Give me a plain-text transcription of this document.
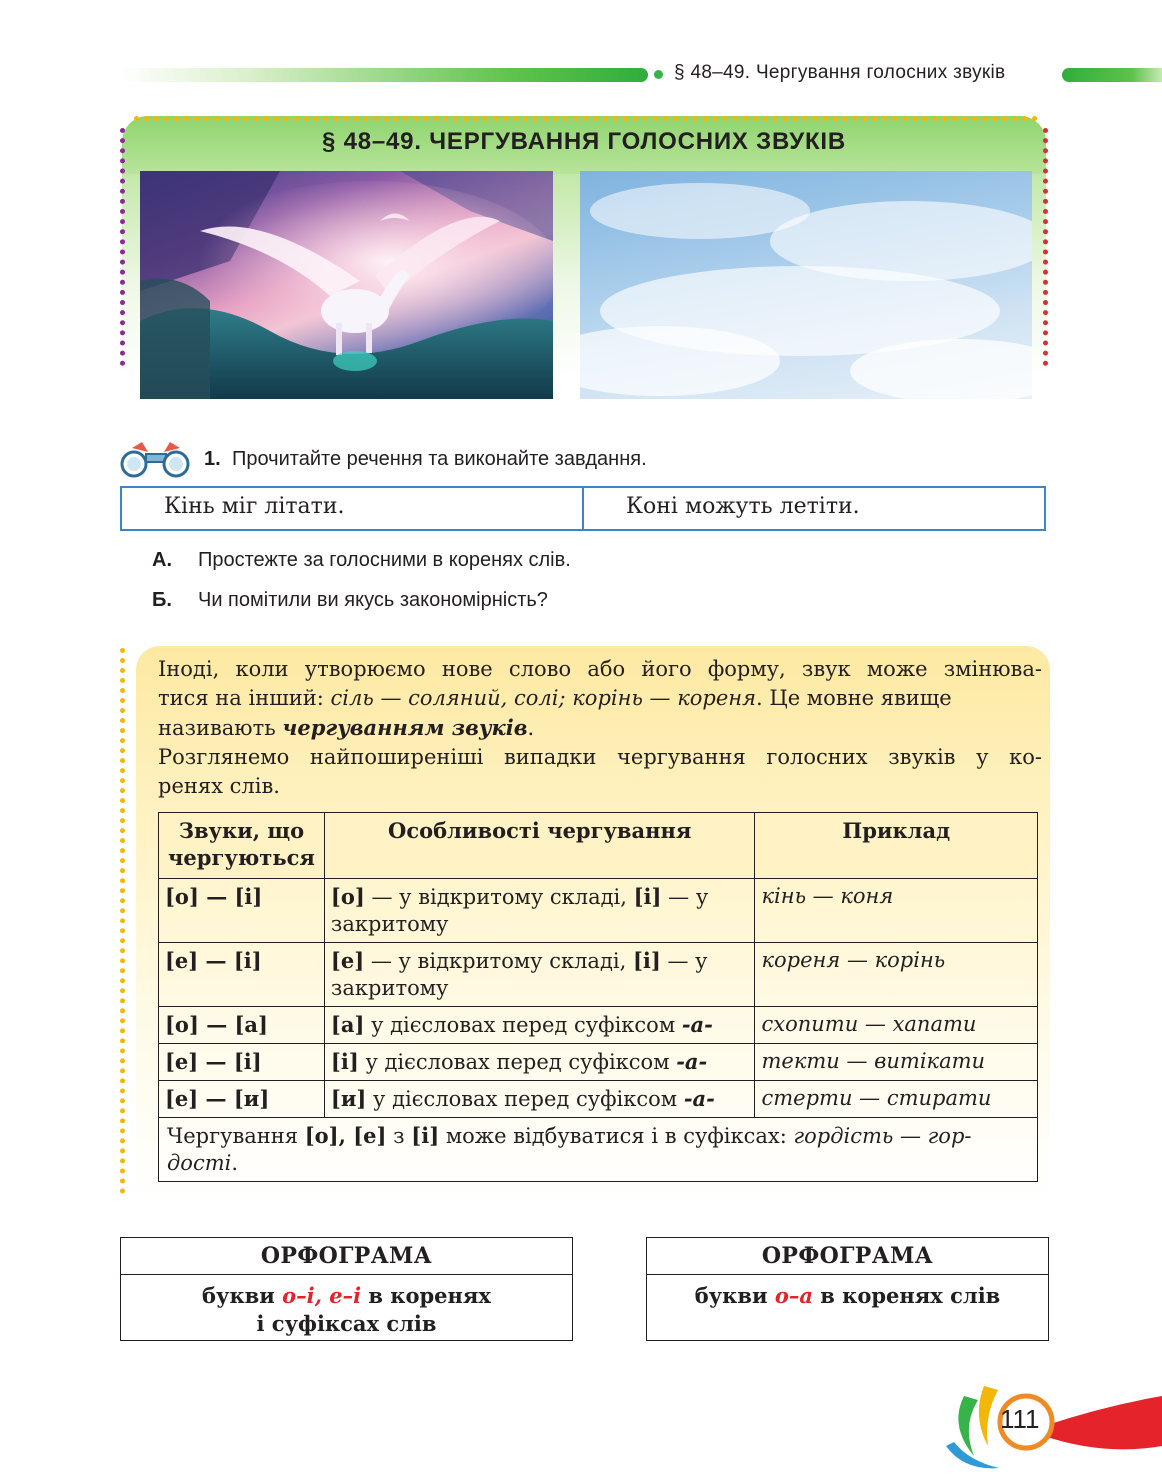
§ 48–49. Чергування голосних звуків
§ 48–49. ЧЕРГУВАННЯ ГОЛОСНИХ ЗВУКІВ
1. Прочитайте речення та виконайте завдання.
Кінь міг літати.	Коні можуть летіти.
А. Простежте за голосними в коренях слів.
Б. Чи помітили ви якусь закономірність?
Іноді, коли утворюємо нове слово або його форму, звук може змінюва-
тися на інший: сіль — соляний, солі; корінь — кореня. Це мовне явище
називають чергуванням звуків.
Розглянемо найпоширеніші випадки чергування голосних звуків у ко-
ренях слів.
Звуки, що чергуються	Особливості чергування	Приклад
[о] — [і]	[о] — у відкритому складі, [і] — у закритому	кінь — коня
[е] — [і]	[е] — у відкритому складі, [і] — у закритому	кореня — корінь
[о] — [а]	[а] у дієсловах перед суфіксом -а-	схопити — хапати
[е] — [і]	[і] у дієсловах перед суфіксом -а-	текти — витікати
[е] — [и]	[и] у дієсловах перед суфіксом -а-	стерти — стирати
Чергування [о], [е] з [і] може відбуватися і в суфіксах: гордість — гор-дості.		
ОРФОГРАМА
букви о–і, е–і в коренях
і суфіксах слів
ОРФОГРАМА
букви о–а в коренях слів
111
